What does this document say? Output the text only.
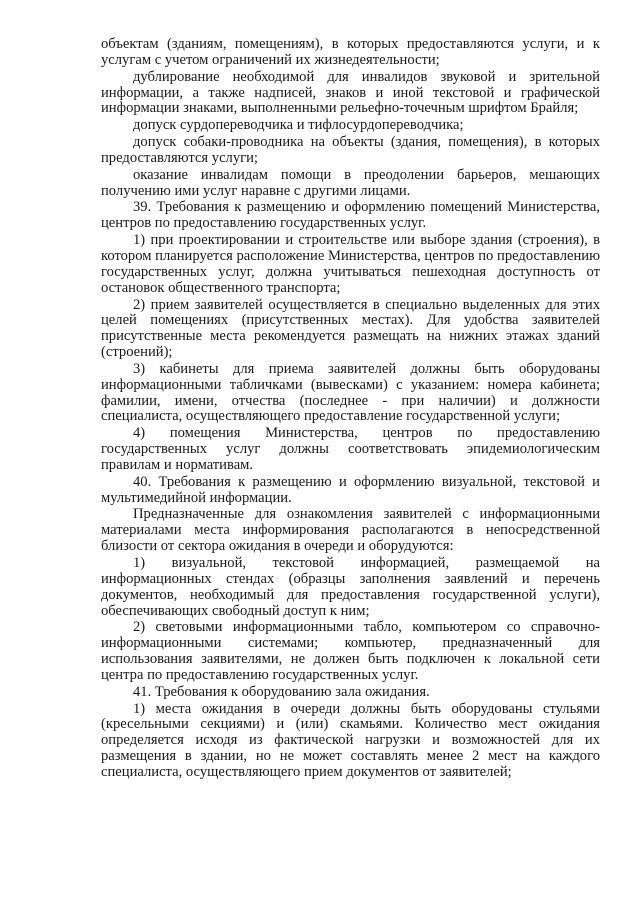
объектам (зданиям, помещениям), в которых предоставляются услуги, и к услугам с учетом ограничений их жизнедеятельности;

дублирование необходимой для инвалидов звуковой и зрительной информации, а также надписей, знаков и иной текстовой и графической информации знаками, выполненными рельефно-точечным шрифтом Брайля;

допуск сурдопереводчика и тифлосурдопереводчика;

допуск собаки-проводника на объекты (здания, помещения), в которых предоставляются услуги;

оказание инвалидам помощи в преодолении барьеров, мешающих получению ими услуг наравне с другими лицами.

39. Требования к размещению и оформлению помещений Министерства, центров по предоставлению государственных услуг.

1) при проектировании и строительстве или выборе здания (строения), в котором планируется расположение Министерства, центров по предоставлению государственных услуг, должна учитываться пешеходная доступность от остановок общественного транспорта;

2) прием заявителей осуществляется в специально выделенных для этих целей помещениях (присутственных местах). Для удобства заявителей присутственные места рекомендуется размещать на нижних этажах зданий (строений);

3) кабинеты для приема заявителей должны быть оборудованы информационными табличками (вывесками) с указанием: номера кабинета; фамилии, имени, отчества (последнее - при наличии) и должности специалиста, осуществляющего предоставление государственной услуги;

4) помещения Министерства, центров по предоставлению государственных услуг должны соответствовать эпидемиологическим правилам и нормативам.

40. Требования к размещению и оформлению визуальной, текстовой и мультимедийной информации.

Предназначенные для ознакомления заявителей с информационными материалами места информирования располагаются в непосредственной близости от сектора ожидания в очереди и оборудуются:

1) визуальной, текстовой информацией, размещаемой на информационных стендах (образцы заполнения заявлений и перечень документов, необходимый для предоставления государственной услуги), обеспечивающих свободный доступ к ним;

2) световыми информационными табло, компьютером со справочно-информационными системами; компьютер, предназначенный для использования заявителями, не должен быть подключен к локальной сети центра по предоставлению государственных услуг.

41. Требования к оборудованию зала ожидания.

1) места ожидания в очереди должны быть оборудованы стульями (кресельными секциями) и (или) скамьями. Количество мест ожидания определяется исходя из фактической нагрузки и возможностей для их размещения в здании, но не может составлять менее 2 мест на каждого специалиста, осуществляющего прием документов от заявителей;
